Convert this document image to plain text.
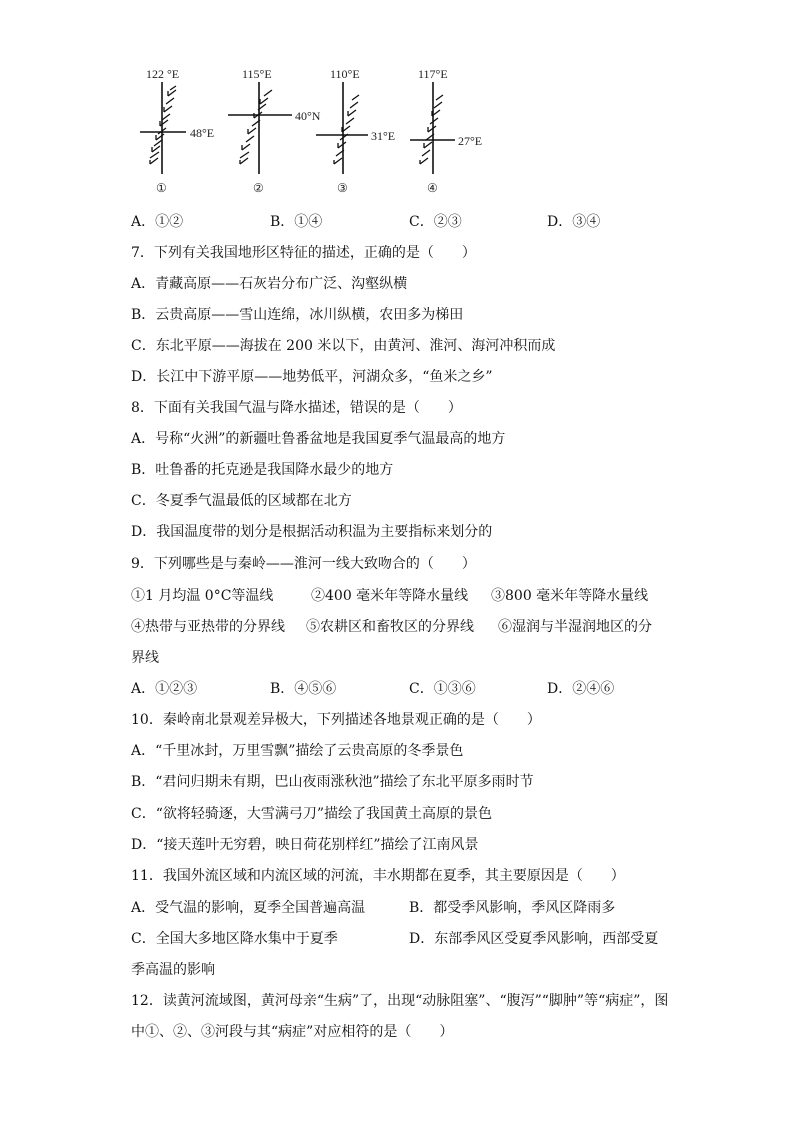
122 °E
48°E
①
115°E
40°N
②
110°E
31°E
③
117°E
27°E
④
A．①②	B．①④	C．②③	D．③④
7．下列有关我国地形区特征的描述，正确的是（　　）
A．青藏高原——石灰岩分布广泛、沟壑纵横
B．云贵高原——雪山连绵，冰川纵横，农田多为梯田
C．东北平原——海拔在 200 米以下，由黄河、淮河、海河冲积而成
D．长江中下游平原——地势低平，河湖众多，“鱼米之乡”
8．下面有关我国气温与降水描述，错误的是（　　）
A．号称“火洲”的新疆吐鲁番盆地是我国夏季气温最高的地方
B．吐鲁番的托克逊是我国降水最少的地方
C．冬夏季气温最低的区域都在北方
D．我国温度带的划分是根据活动积温为主要指标来划分的
9．下列哪些是与秦岭——淮河一线大致吻合的（　　）
①1 月均温 0°C等温线	②400 毫米年等降水量线 ③800 毫米年等降水量线
④热带与亚热带的分界线 ⑤农耕区和畜牧区的分界线 ⑥湿润与半湿润地区的分
界线
A．①②③	B．④⑤⑥	C．①③⑥	D．②④⑥
10．秦岭南北景观差异极大，下列描述各地景观正确的是（　　）
A．“千里冰封，万里雪飘”描绘了云贵高原的冬季景色
B．“君问归期未有期，巴山夜雨涨秋池”描绘了东北平原多雨时节
C．“欲将轻骑逐，大雪满弓刀”描绘了我国黄土高原的景色
D．“接天莲叶无穷碧，映日荷花别样红”描绘了江南风景
11．我国外流区域和内流区域的河流，丰水期都在夏季，其主要原因是（　　）
A．受气温的影响，夏季全国普遍高温	B．都受季风影响，季风区降雨多
C．全国大多地区降水集中于夏季	D．东部季风区受夏季风影响，西部受夏
季高温的影响
12．读黄河流域图，黄河母亲“生病”了，出现“动脉阻塞”、“腹泻”“脚肿”等“病症”，图
中①、②、③河段与其“病症”对应相符的是（　　）
